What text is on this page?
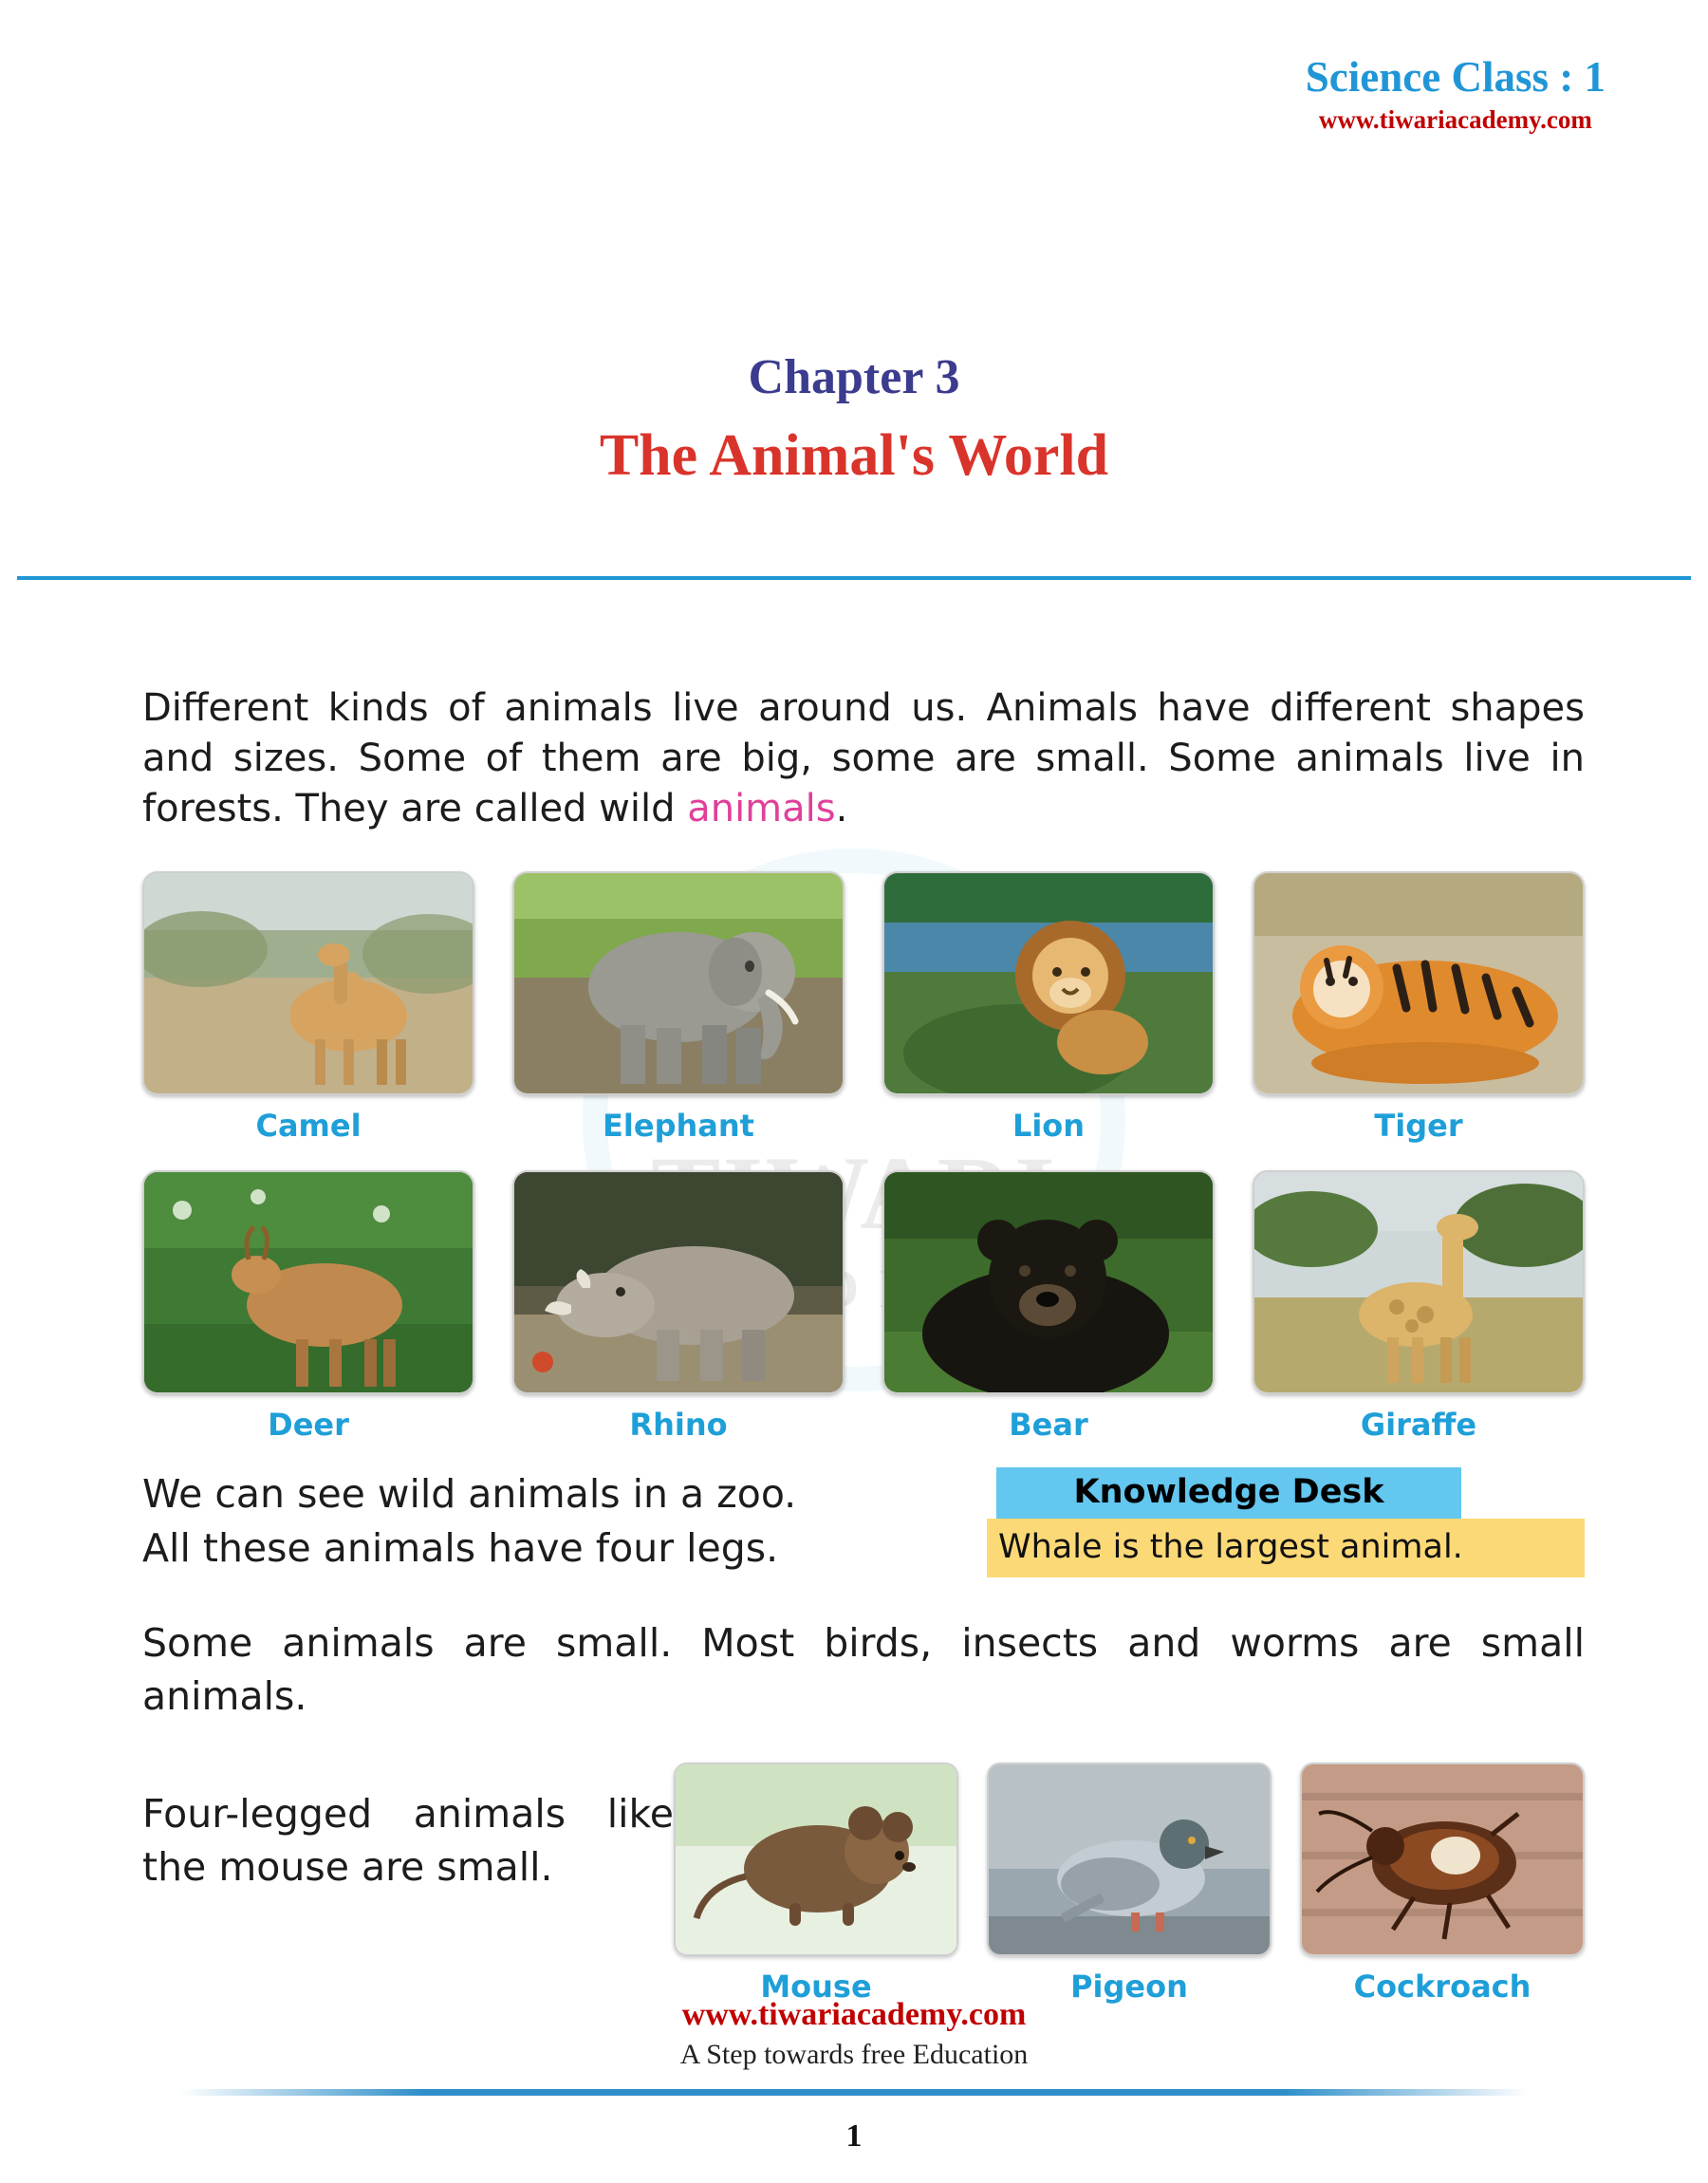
TIWARI
ACADEMY
Science Class : 1
www.tiwariacademy.com
Chapter 3
The Animal's World

Different kinds of animals live around us. Animals have different shapes and sizes. Some of them are big, some are small. Some animals live in forests. They are called wild animals.

Camel	Elephant	Lion	Tiger
Deer	Rhino	Bear	Giraffe
We can see wild animals in a zoo.
All these animals have four legs.
Knowledge Desk
Whale is the largest animal.

Some animals are small. Most birds, insects and worms are small animals.

Four-legged animals like the mouse are small.
Mouse	Pigeon	Cockroach
www.tiwariacademy.com
A Step towards free Education
1
